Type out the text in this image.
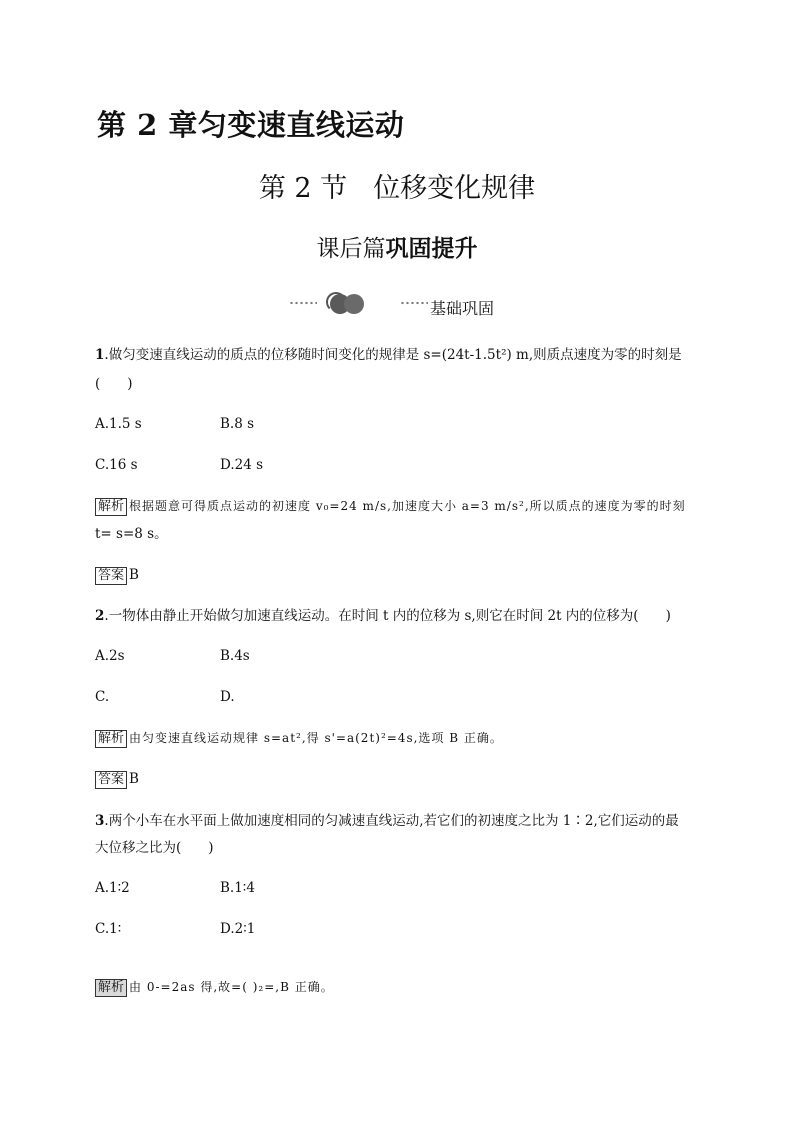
第 2 章匀变速直线运动
第 2 节 位移变化规律
课后篇巩固提升
基础巩固
1.做匀变速直线运动的质点的位移随时间变化的规律是 s=(24t-1.5t²) m,则质点速度为零的时刻是
(　　)
A.1.5 s	B.8 s
C.16 s	D.24 s
解析 根据题意可得质点运动的初速度 v₀=24 m/s,加速度大小 a=3 m/s²,所以质点的速度为零的时刻
t= s=8 s。
答案 B
2.一物体由静止开始做匀加速直线运动。在时间 t 内的位移为 s,则它在时间 2t 内的位移为(　　)
A.2s	B.4s
C.	D.
解析 由匀变速直线运动规律 s=at²,得 s'=a(2t)²=4s,选项 B 正确。
答案 B
3.两个小车在水平面上做加速度相同的匀减速直线运动,若它们的初速度之比为 1∶2,它们运动的最
大位移之比为(　　)
A.1∶2	B.1∶4
C.1∶	D.2∶1
解析 由 0-=2as 得,故=( )₂=,B 正确。
